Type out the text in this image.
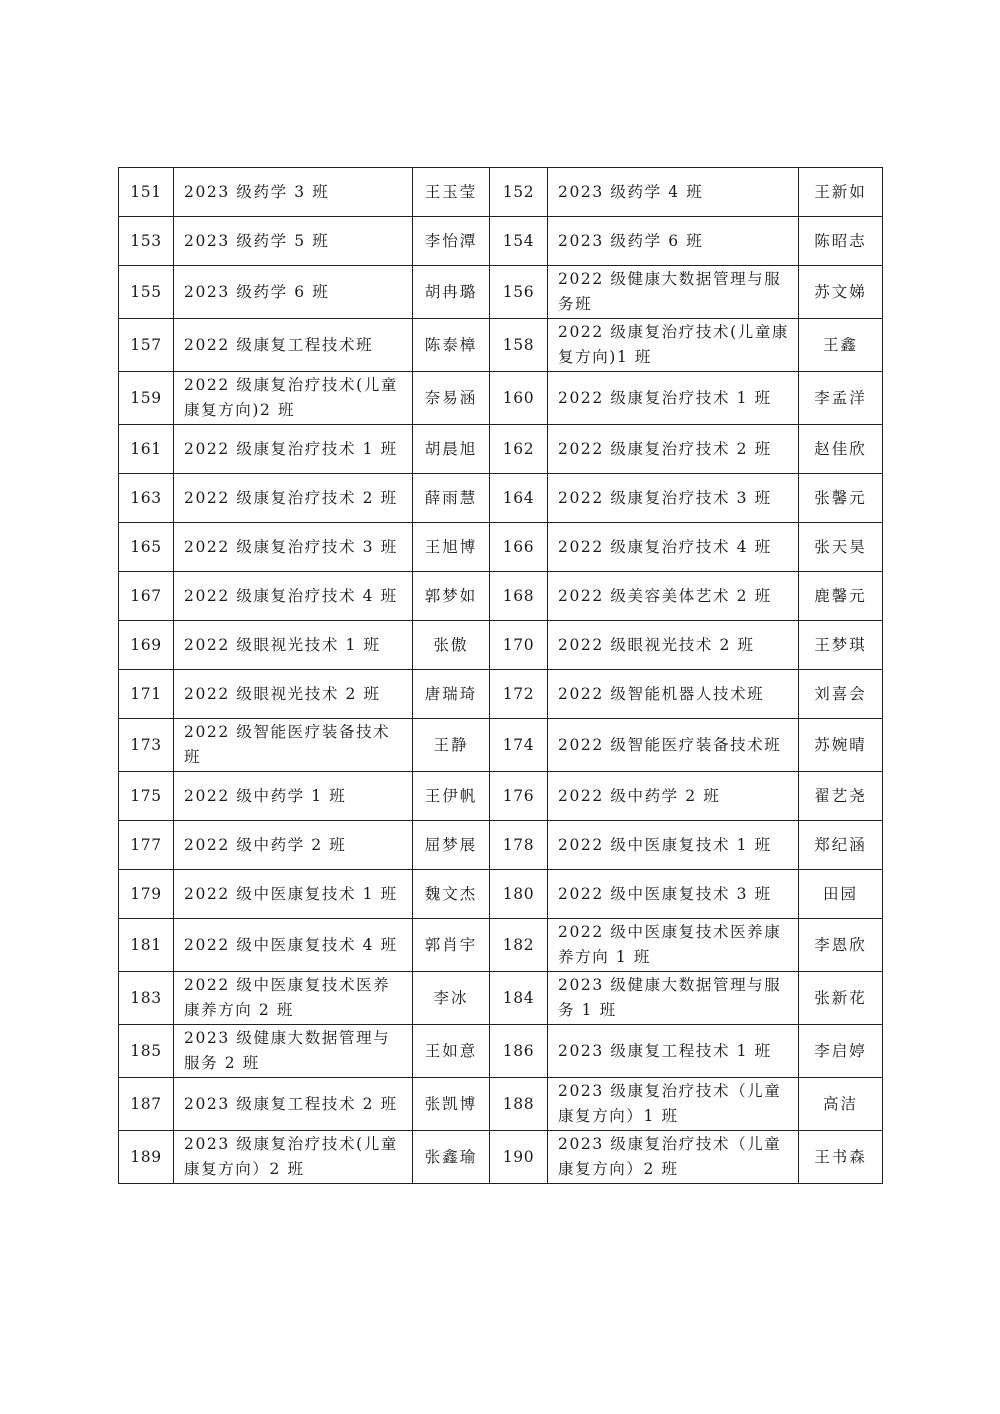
151	2023 级药学 3 班	王玉莹	152	2023 级药学 4 班	王新如
153	2023 级药学 5 班	李怡潭	154	2023 级药学 6 班	陈昭志
155	2023 级药学 6 班	胡冉璐	156	2022 级健康大数据管理与服务班	苏文娣
157	2022 级康复工程技术班	陈泰樟	158	2022 级康复治疗技术(儿童康复方向)1 班	王鑫
159	2022 级康复治疗技术(儿童康复方向)2 班	奈易涵	160	2022 级康复治疗技术 1 班	李孟洋
161	2022 级康复治疗技术 1 班	胡晨旭	162	2022 级康复治疗技术 2 班	赵佳欣
163	2022 级康复治疗技术 2 班	薛雨慧	164	2022 级康复治疗技术 3 班	张馨元
165	2022 级康复治疗技术 3 班	王旭博	166	2022 级康复治疗技术 4 班	张天昊
167	2022 级康复治疗技术 4 班	郭梦如	168	2022 级美容美体艺术 2 班	鹿馨元
169	2022 级眼视光技术 1 班	张傲	170	2022 级眼视光技术 2 班	王梦琪
171	2022 级眼视光技术 2 班	唐瑞琦	172	2022 级智能机器人技术班	刘喜会
173	2022 级智能医疗装备技术班	王静	174	2022 级智能医疗装备技术班	苏婉晴
175	2022 级中药学 1 班	王伊帆	176	2022 级中药学 2 班	翟艺尧
177	2022 级中药学 2 班	屈梦展	178	2022 级中医康复技术 1 班	郑纪涵
179	2022 级中医康复技术 1 班	魏文杰	180	2022 级中医康复技术 3 班	田园
181	2022 级中医康复技术 4 班	郭肖宇	182	2022 级中医康复技术医养康养方向 1 班	李恩欣
183	2022 级中医康复技术医养康养方向 2 班	李冰	184	2023 级健康大数据管理与服务 1 班	张新花
185	2023 级健康大数据管理与服务 2 班	王如意	186	2023 级康复工程技术 1 班	李启婷
187	2023 级康复工程技术 2 班	张凯博	188	2023 级康复治疗技术（儿童康复方向）1 班	高洁
189	2023 级康复治疗技术(儿童康复方向）2 班	张鑫瑜	190	2023 级康复治疗技术（儿童康复方向）2 班	王书森
